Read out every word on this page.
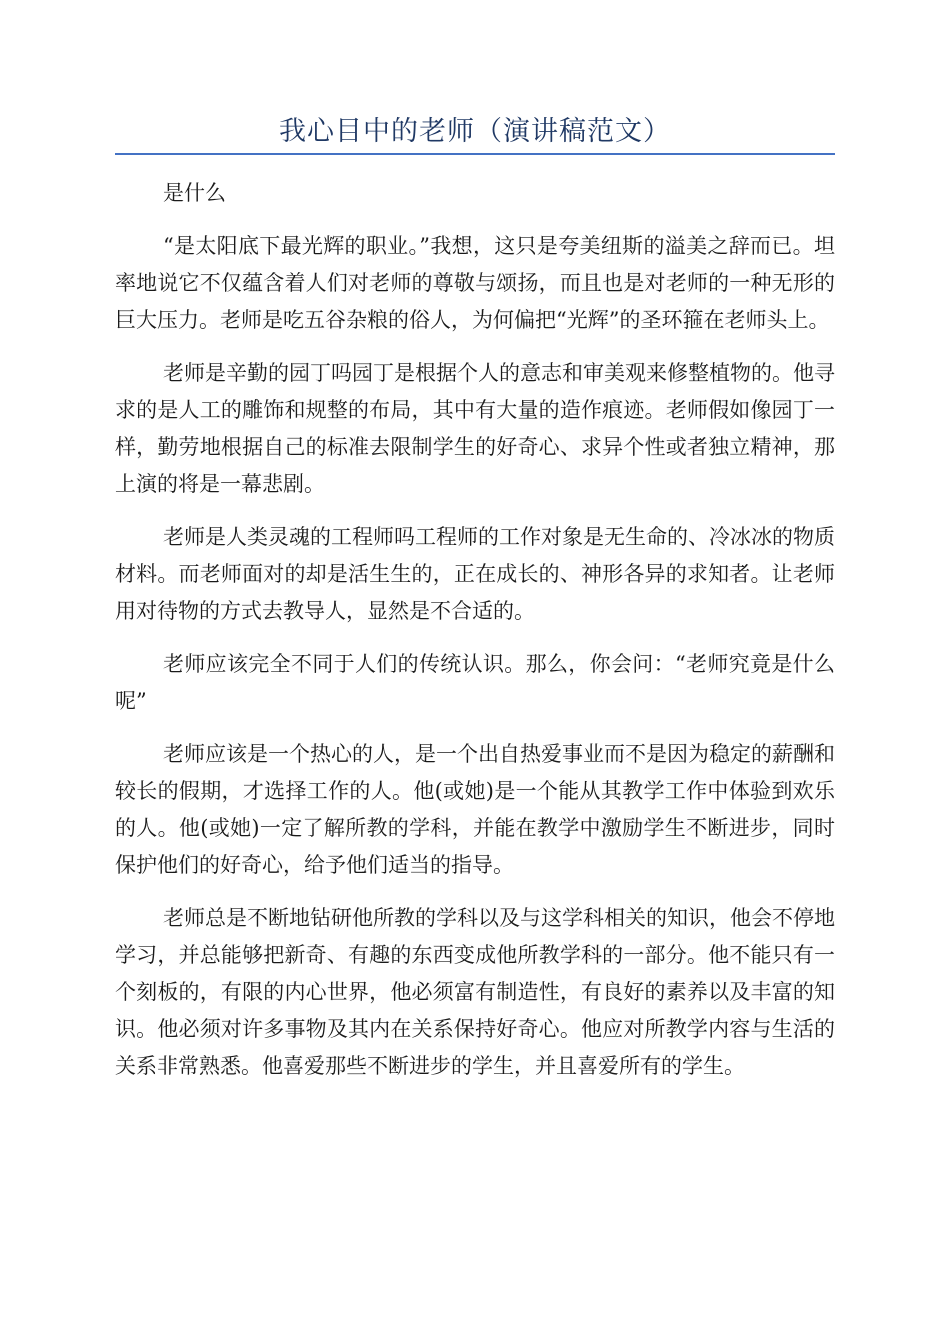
我心目中的老师（演讲稿范文）

是什么

“是太阳底下最光辉的职业。”我想，这只是夸美纽斯的溢美之辞而已。坦率地说它不仅蕴含着人们对老师的尊敬与颂扬，而且也是对老师的一种无形的巨大压力。老师是吃五谷杂粮的俗人，为何偏把“光辉”的圣环箍在老师头上。

老师是辛勤的园丁吗园丁是根据个人的意志和审美观来修整植物的。他寻求的是人工的雕饰和规整的布局，其中有大量的造作痕迹。老师假如像园丁一样，勤劳地根据自己的标准去限制学生的好奇心、求异个性或者独立精神，那上演的将是一幕悲剧。

老师是人类灵魂的工程师吗工程师的工作对象是无生命的、冷冰冰的物质材料。而老师面对的却是活生生的，正在成长的、神形各异的求知者。让老师用对待物的方式去教导人，显然是不合适的。

老师应该完全不同于人们的传统认识。那么，你会问：“老师究竟是什么呢”

老师应该是一个热心的人，是一个出自热爱事业而不是因为稳定的薪酬和较长的假期，才选择工作的人。他(或她)是一个能从其教学工作中体验到欢乐的人。他(或她)一定了解所教的学科，并能在教学中激励学生不断进步，同时保护他们的好奇心，给予他们适当的指导。

老师总是不断地钻研他所教的学科以及与这学科相关的知识，他会不停地学习，并总能够把新奇、有趣的东西变成他所教学科的一部分。他不能只有一个刻板的，有限的内心世界，他必须富有制造性，有良好的素养以及丰富的知识。他必须对许多事物及其内在关系保持好奇心。他应对所教学内容与生活的关系非常熟悉。他喜爱那些不断进步的学生，并且喜爱所有的学生。
